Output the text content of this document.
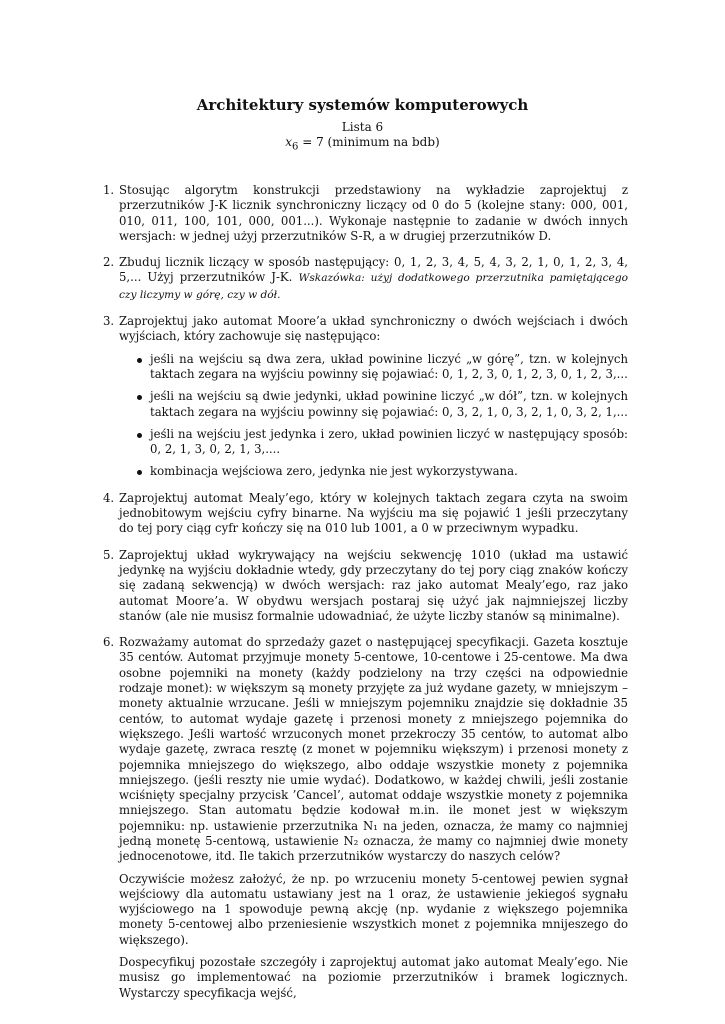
Architektury systemów komputerowych
Lista 6
$x_6 = 7$ (minimum na bdb)
1. Stosując algorytm konstrukcji przedstawiony na wykładzie zaprojektuj z przerzutników J-K licznik synchroniczny liczący od 0 do 5 (kolejne stany: 000, 001, 010, 011, 100, 101, 000, 001...). Wykonaje następnie to zadanie w dwóch innych wersjach: w jednej użyj przerzutników S-R, a w drugiej przerzutników D.

2. Zbuduj licznik liczący w sposób następujący: 0, 1, 2, 3, 4, 5, 4, 3, 2, 1, 0, 1, 2, 3, 4, 5,... Użyj przerzutników J-K. Wskazówka: użyj dodatkowego przerzutnika pamiętającego czy liczymy w górę, czy w dół.

3. Zaprojektuj jako automat Moore’a układ synchroniczny o dwóch wejściach i dwóch wyjściach, który zachowuje się następująco:

jeśli na wejściu są dwa zera, układ powinine liczyć „w górę”, tzn. w kolejnych taktach zegara na wyjściu powinny się pojawiać: 0, 1, 2, 3, 0, 1, 2, 3, 0, 1, 2, 3,...
jeśli na wejściu są dwie jedynki, układ powinine liczyć „w dół”, tzn. w kolejnych taktach zegara na wyjściu powinny się pojawiać: 0, 3, 2, 1, 0, 3, 2, 1, 0, 3, 2, 1,...
jeśli na wejściu jest jedynka i zero, układ powinien liczyć w następujący sposób: 0, 2, 1, 3, 0, 2, 1, 3,....
kombinacja wejściowa zero, jedynka nie jest wykorzystywana.
4. Zaprojektuj automat Mealy’ego, który w kolejnych taktach zegara czyta na swoim jednobitowym wejściu cyfry binarne. Na wyjściu ma się pojawić 1 jeśli przeczytany do tej pory ciąg cyfr kończy się na 010 lub 1001, a 0 w przeciwnym wypadku.

5. Zaprojektuj układ wykrywający na wejściu sekwencję 1010 (układ ma ustawić jedynkę na wyjściu dokładnie wtedy, gdy przeczytany do tej pory ciąg znaków kończy się zadaną sekwencją) w dwóch wersjach: raz jako automat Mealy’ego, raz jako automat Moore’a. W obydwu wersjach postaraj się użyć jak najmniejszej liczby stanów (ale nie musisz formalnie udowadniać, że użyte liczby stanów są minimalne).

6. Rozważamy automat do sprzedaży gazet o następującej specyfikacji. Gazeta kosztuje 35 centów. Automat przyjmuje monety 5-centowe, 10-centowe i 25-centowe. Ma dwa osobne pojemniki na monety (każdy podzielony na trzy części na odpowiednie rodzaje monet): w większym są monety przyjęte za już wydane gazety, w mniejszym – monety aktualnie wrzucane. Jeśli w mniejszym pojemniku znajdzie się dokładnie 35 centów, to automat wydaje gazetę i przenosi monety z mniejszego pojemnika do większego. Jeśli wartość wrzuconych monet przekroczy 35 centów, to automat albo wydaje gazetę, zwraca resztę (z monet w pojemniku większym) i przenosi monety z pojemnika mniejszego do większego, albo oddaje wszystkie monety z pojemnika mniejszego. (jeśli reszty nie umie wydać). Dodatkowo, w każdej chwili, jeśli zostanie wciśnięty specjalny przycisk ’Cancel’, automat oddaje wszystkie monety z pojemnika mniejszego. Stan automatu będzie kodował m.in. ile monet jest w większym pojemniku: np. ustawienie przerzutnika N₁ na jeden, oznacza, że mamy co najmniej jedną monetę 5-centową, ustawienie N₂ oznacza, że mamy co najmniej dwie monety jednocenotowe, itd. Ile takich przerzutników wystarczy do naszych celów?

Oczywiście możesz założyć, że np. po wrzuceniu monety 5-centowej pewien sygnał wejściowy dla automatu ustawiany jest na 1 oraz, że ustawienie jekiegoś sygnału wyjściowego na 1 spowoduje pewną akcję (np. wydanie z większego pojemnika monety 5-centowej albo przeniesienie wszystkich monet z pojemnika mnijeszego do większego).

Dospecyfikuj pozostałe szczegóły i zaprojektuj automat jako automat Mealy’ego. Nie musisz go implementować na poziomie przerzutników i bramek logicznych. Wystarczy specyfikacja wejść,
